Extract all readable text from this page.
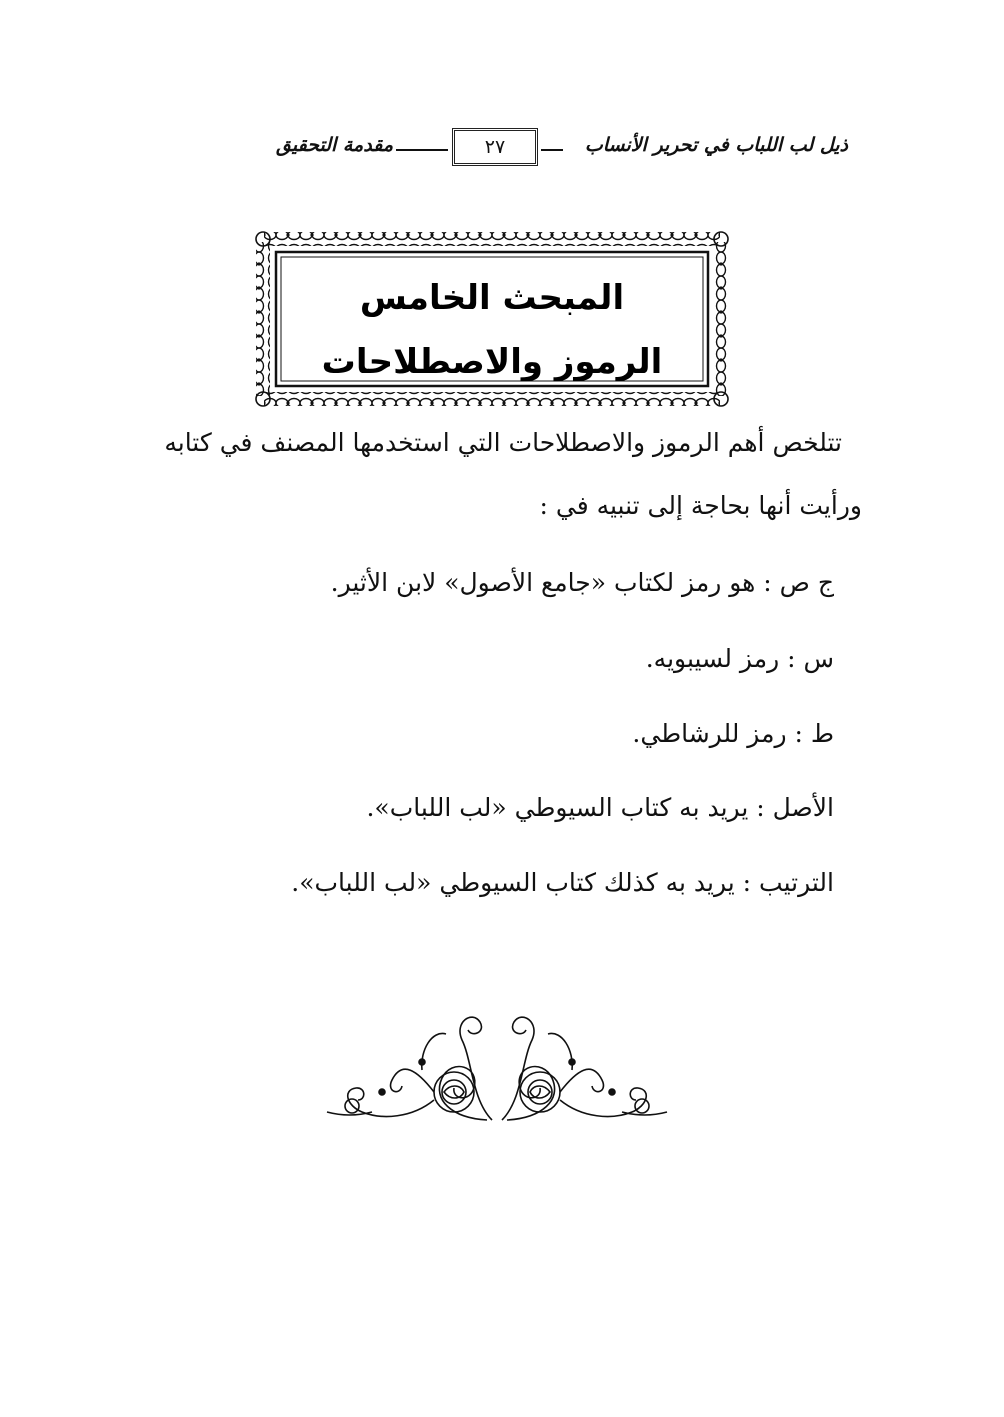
ذيل لب اللباب في تحرير الأنساب
٢٧
مقدمة التحقيق
المبحث الخامس
الرموز والاصطلاحات
تتلخص أهم الرموز والاصطلاحات التي استخدمها المصنف في كتابه
ورأيت أنها بحاجة إلى تنبيه في :
ج ص : هو رمز لكتاب «جامع الأصول» لابن الأثير.
س : رمز لسيبويه.
ط : رمز للرشاطي.
الأصل : يريد به كتاب السيوطي «لب اللباب».
الترتيب : يريد به كذلك كتاب السيوطي «لب اللباب».
